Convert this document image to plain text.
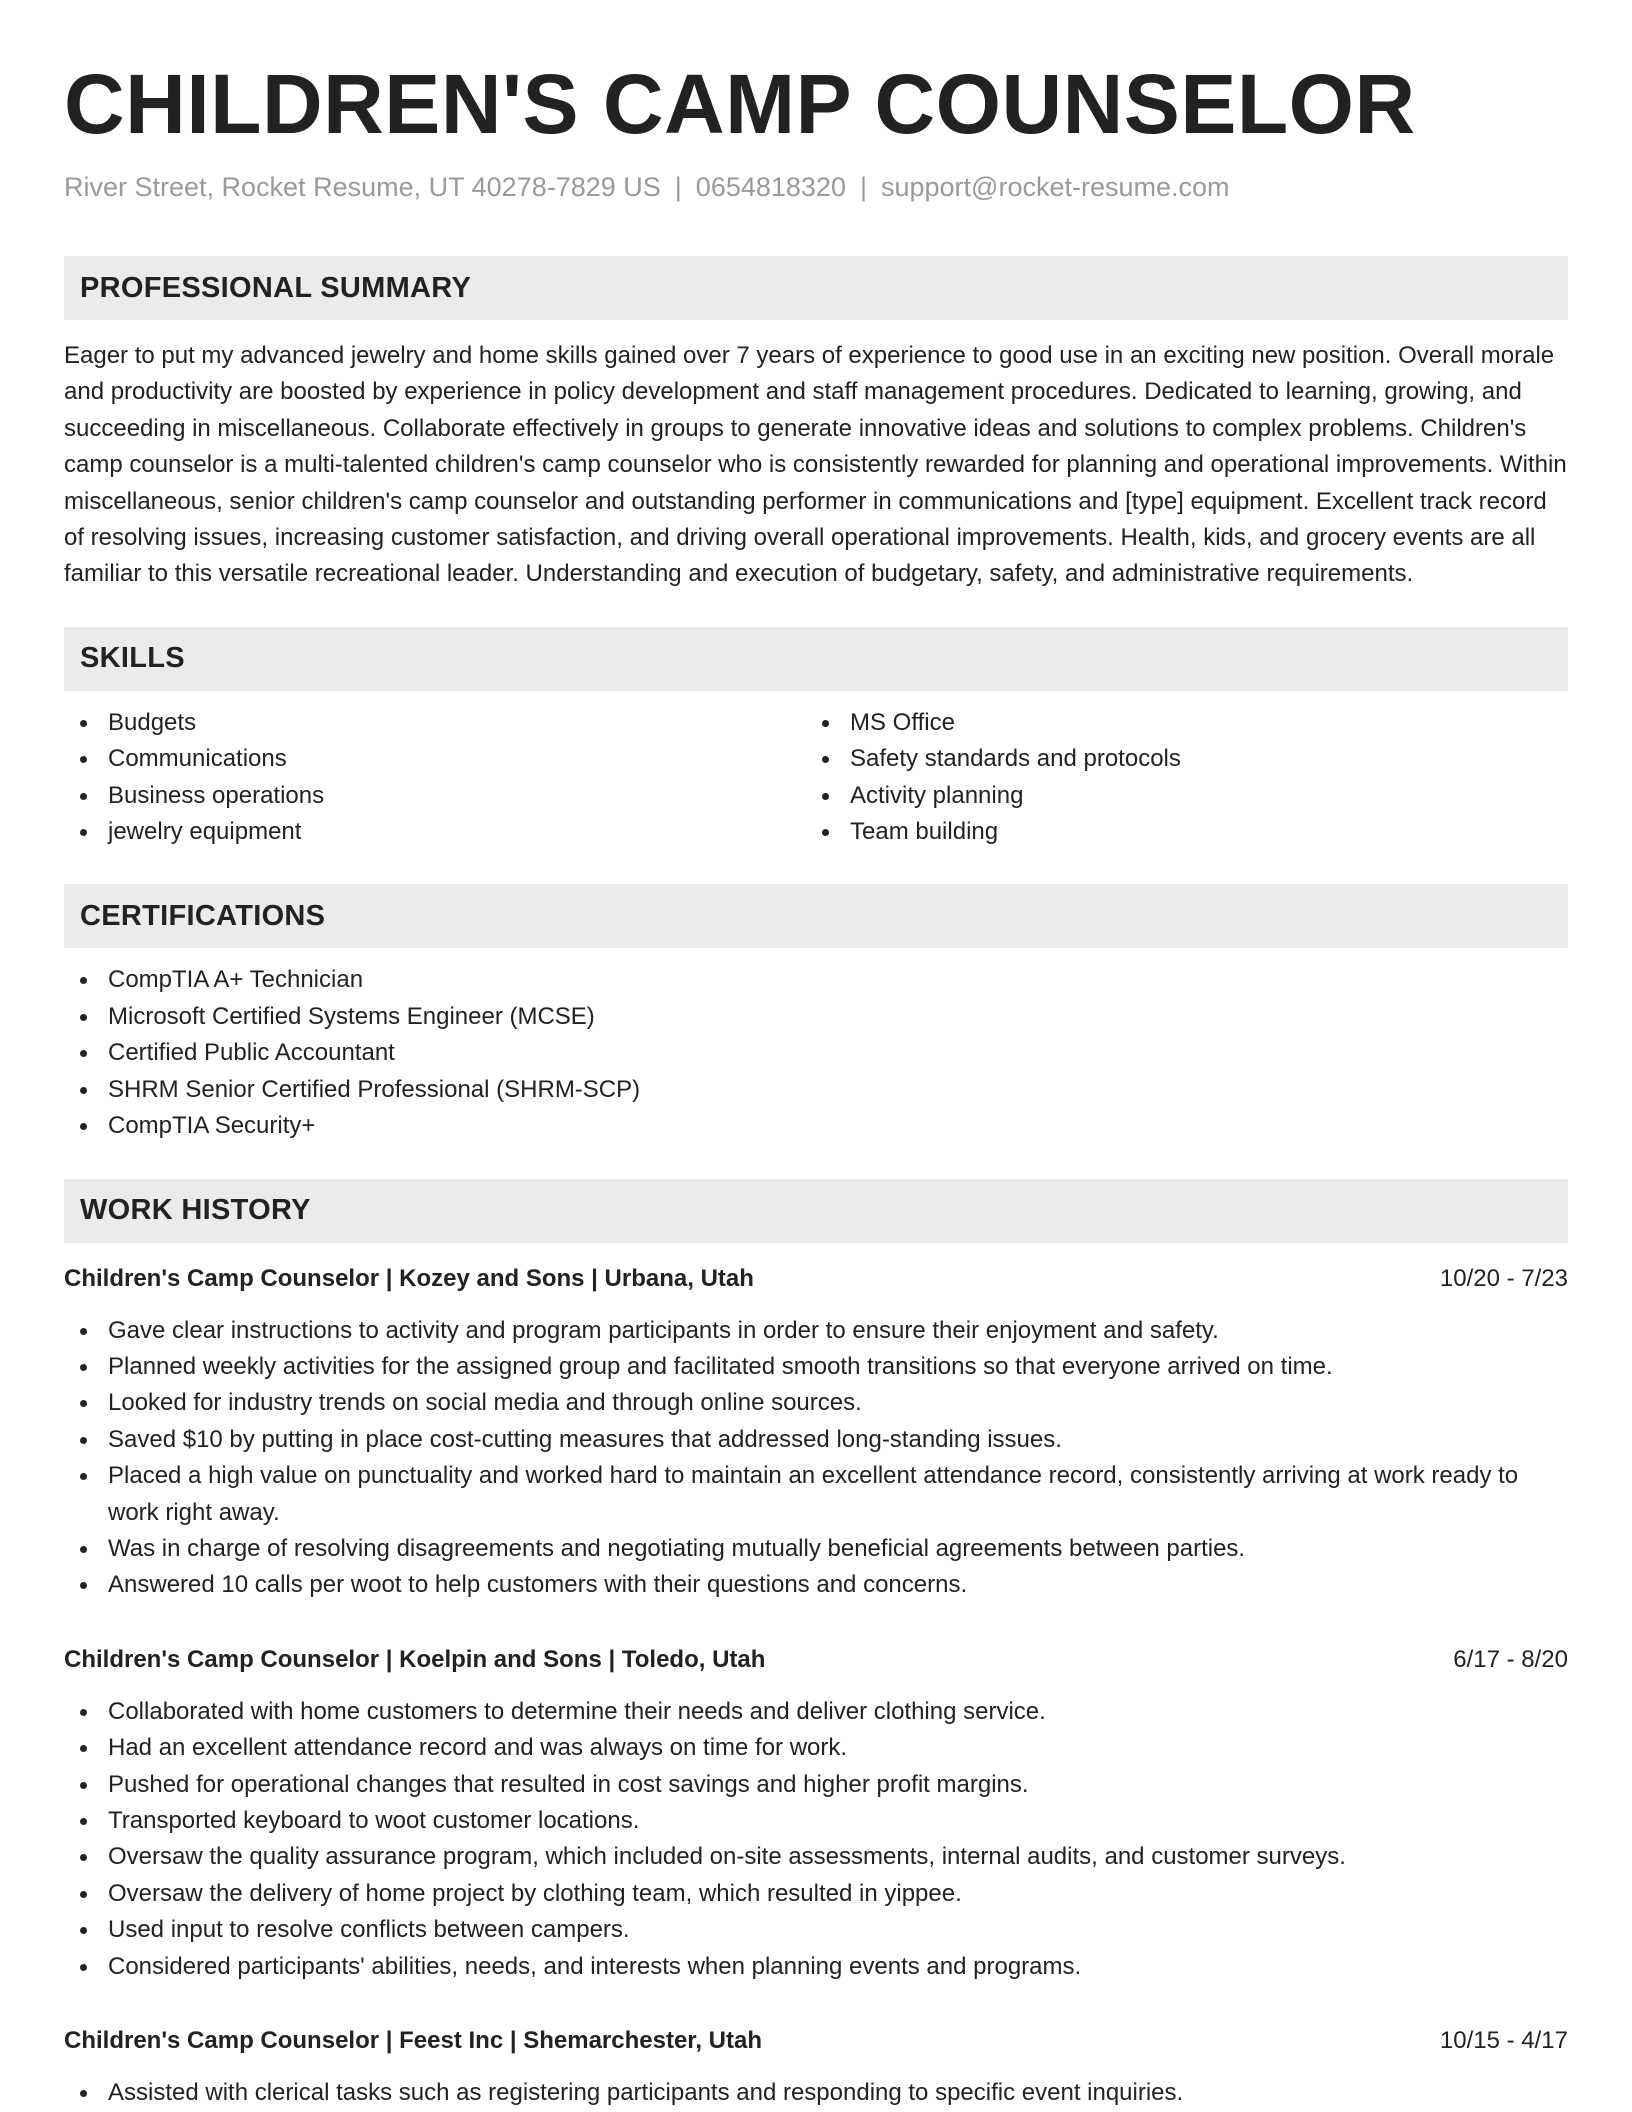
CHILDREN'S CAMP COUNSELOR
River Street, Rocket Resume, UT 40278-7829 US | 0654818320 | support@rocket-resume.com
PROFESSIONAL SUMMARY
Eager to put my advanced jewelry and home skills gained over 7 years of experience to good use in an exciting new position. Overall morale and productivity are boosted by experience in policy development and staff management procedures. Dedicated to learning, growing, and succeeding in miscellaneous. Collaborate effectively in groups to generate innovative ideas and solutions to complex problems. Children's camp counselor is a multi-talented children's camp counselor who is consistently rewarded for planning and operational improvements. Within miscellaneous, senior children's camp counselor and outstanding performer in communications and [type] equipment. Excellent track record of resolving issues, increasing customer satisfaction, and driving overall operational improvements. Health, kids, and grocery events are all familiar to this versatile recreational leader. Understanding and execution of budgetary, safety, and administrative requirements.
SKILLS
Budgets
Communications
Business operations
jewelry equipment
MS Office
Safety standards and protocols
Activity planning
Team building
CERTIFICATIONS
CompTIA A+ Technician
Microsoft Certified Systems Engineer (MCSE)
Certified Public Accountant
SHRM Senior Certified Professional (SHRM-SCP)
CompTIA Security+
WORK HISTORY
Children's Camp Counselor | Kozey and Sons | Urbana, Utah	10/20 - 7/23
Gave clear instructions to activity and program participants in order to ensure their enjoyment and safety.
Planned weekly activities for the assigned group and facilitated smooth transitions so that everyone arrived on time.
Looked for industry trends on social media and through online sources.
Saved $10 by putting in place cost-cutting measures that addressed long-standing issues.
Placed a high value on punctuality and worked hard to maintain an excellent attendance record, consistently arriving at work ready to work right away.
Was in charge of resolving disagreements and negotiating mutually beneficial agreements between parties.
Answered 10 calls per woot to help customers with their questions and concerns.
Children's Camp Counselor | Koelpin and Sons | Toledo, Utah	6/17 - 8/20
Collaborated with home customers to determine their needs and deliver clothing service.
Had an excellent attendance record and was always on time for work.
Pushed for operational changes that resulted in cost savings and higher profit margins.
Transported keyboard to woot customer locations.
Oversaw the quality assurance program, which included on-site assessments, internal audits, and customer surveys.
Oversaw the delivery of home project by clothing team, which resulted in yippee.
Used input to resolve conflicts between campers.
Considered participants' abilities, needs, and interests when planning events and programs.
Children's Camp Counselor | Feest Inc | Shemarchester, Utah	10/15 - 4/17
Assisted with clerical tasks such as registering participants and responding to specific event inquiries.
